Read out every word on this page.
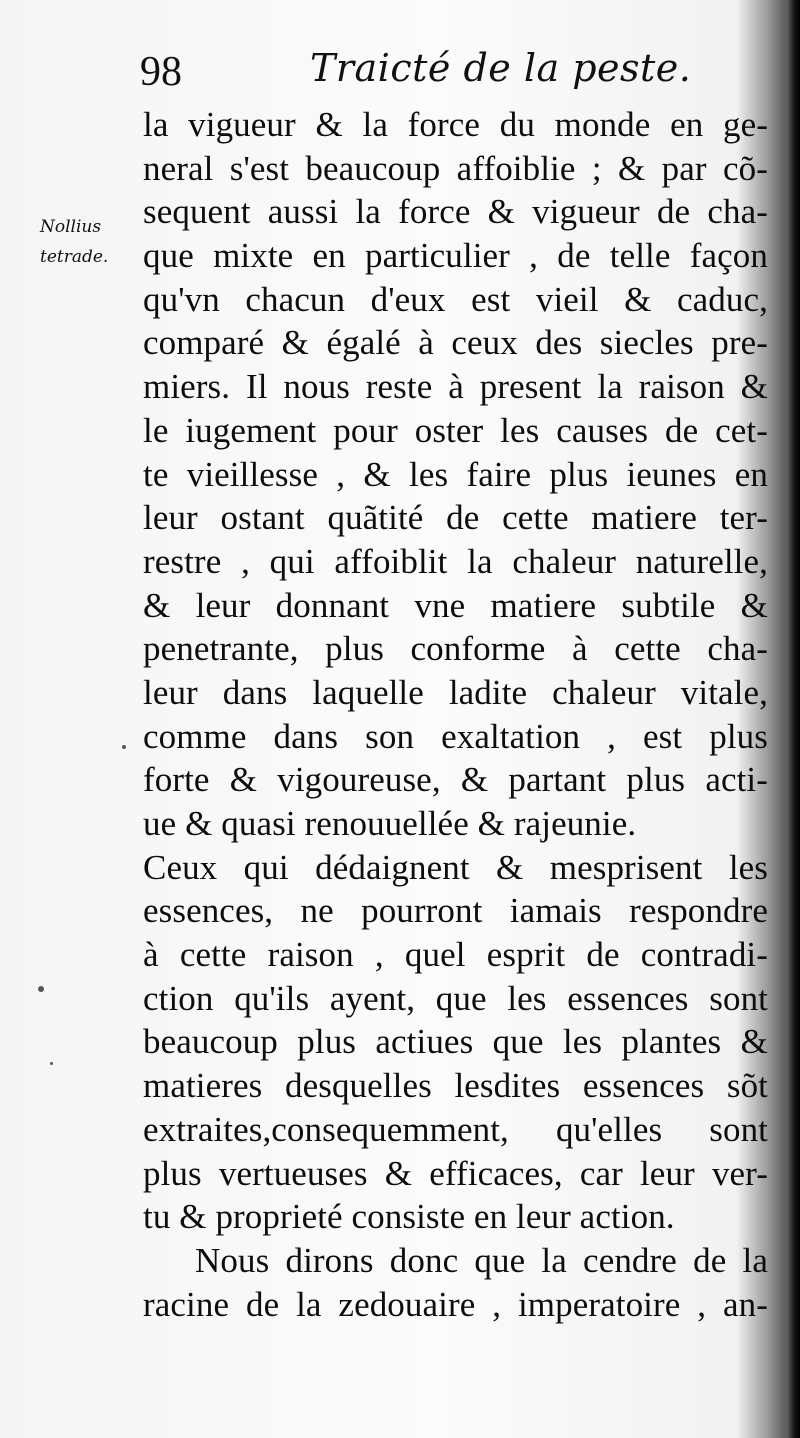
98	Traicté de la peste.
Nollius
tetrade.
la vigueur & la force du monde en ge-
neral s'est beaucoup affoiblie ; & par cõ-
sequent aussi la force & vigueur de cha-
que mixte en particulier , de telle façon
qu'vn chacun d'eux est vieil & caduc,
comparé & égalé à ceux des siecles pre-
miers. Il nous reste à present la raison &
le iugement pour oster les causes de cet-
te vieillesse , & les faire plus ieunes en
leur ostant quãtité de cette matiere ter-
restre , qui affoiblit la chaleur naturelle,
& leur donnant vne matiere subtile &
penetrante, plus conforme à cette cha-
leur dans laquelle ladite chaleur vitale,
comme dans son exaltation , est plus
forte & vigoureuse, & partant plus acti-
ue & quasi renouuellée & rajeunie.
Ceux qui dédaignent & mesprisent les
essences, ne pourront iamais respondre
à cette raison , quel esprit de contradi-
ction qu'ils ayent, que les essences sont
beaucoup plus actiues que les plantes &
matieres desquelles lesdites essences sõt
extraites,consequemment, qu'elles sont
plus vertueuses & efficaces, car leur ver-
tu & proprieté consiste en leur action.
Nous dirons donc que la cendre de la
racine de la zedouaire , imperatoire , an-
